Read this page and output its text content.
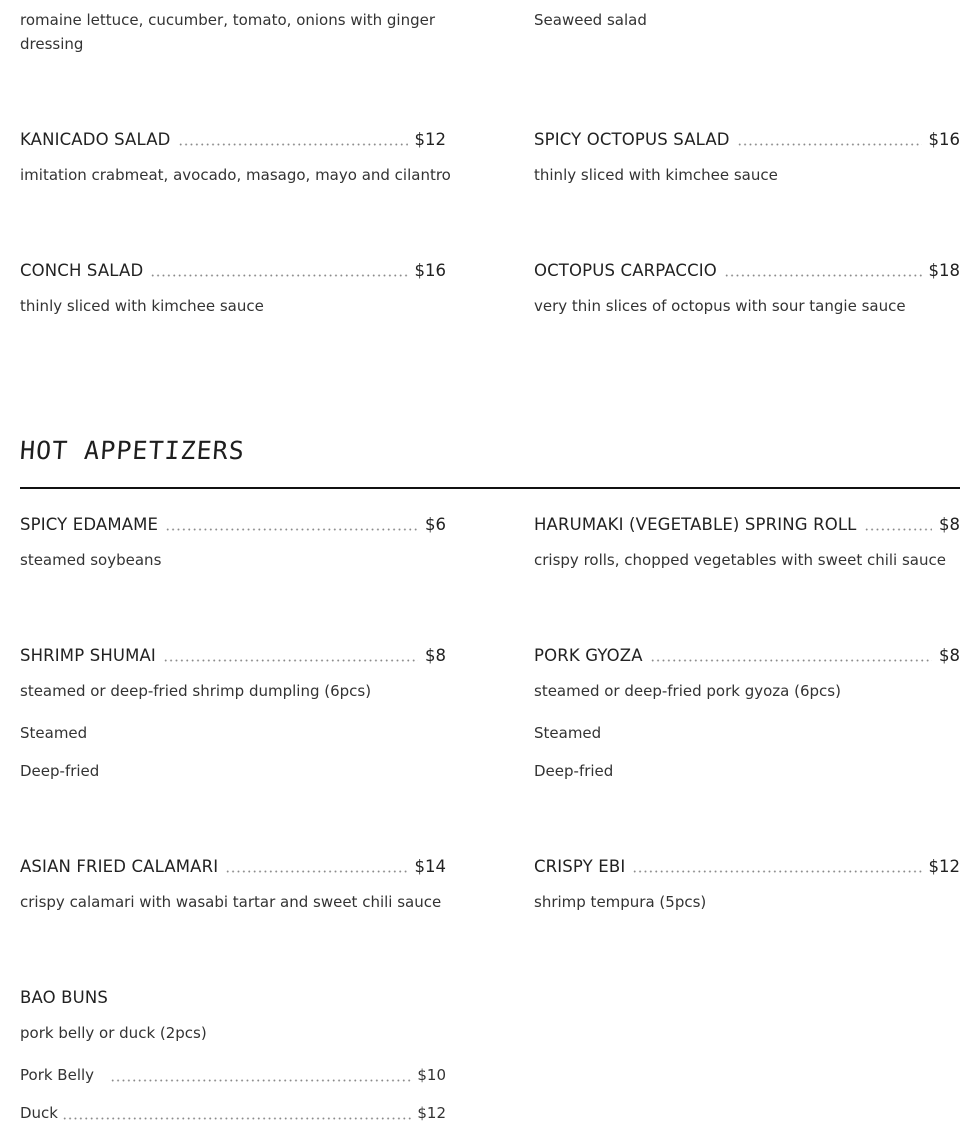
romaine lettuce, cucumber, tomato, onions with ginger dressing
Seaweed salad
KANICADO SALAD	$12
imitation crabmeat, avocado, masago, mayo and cilantro
SPICY OCTOPUS SALAD	$16
thinly sliced with kimchee sauce
CONCH SALAD	$16
thinly sliced with kimchee sauce
OCTOPUS CARPACCIO	$18
very thin slices of octopus with sour tangie sauce
HOT APPETIZERS
SPICY EDAMAME	$6
steamed soybeans
HARUMAKI (VEGETABLE) SPRING ROLL	$8
crispy rolls, chopped vegetables with sweet chili sauce
SHRIMP SHUMAI	$8
steamed or deep-fried shrimp dumpling (6pcs)
Steamed
Deep-fried
PORK GYOZA	$8
steamed or deep-fried pork gyoza (6pcs)
Steamed
Deep-fried
ASIAN FRIED CALAMARI	$14
crispy calamari with wasabi tartar and sweet chili sauce
CRISPY EBI	$12
shrimp tempura (5pcs)
BAO BUNS
pork belly or duck (2pcs)
Pork Belly	$10
Duck	$12
